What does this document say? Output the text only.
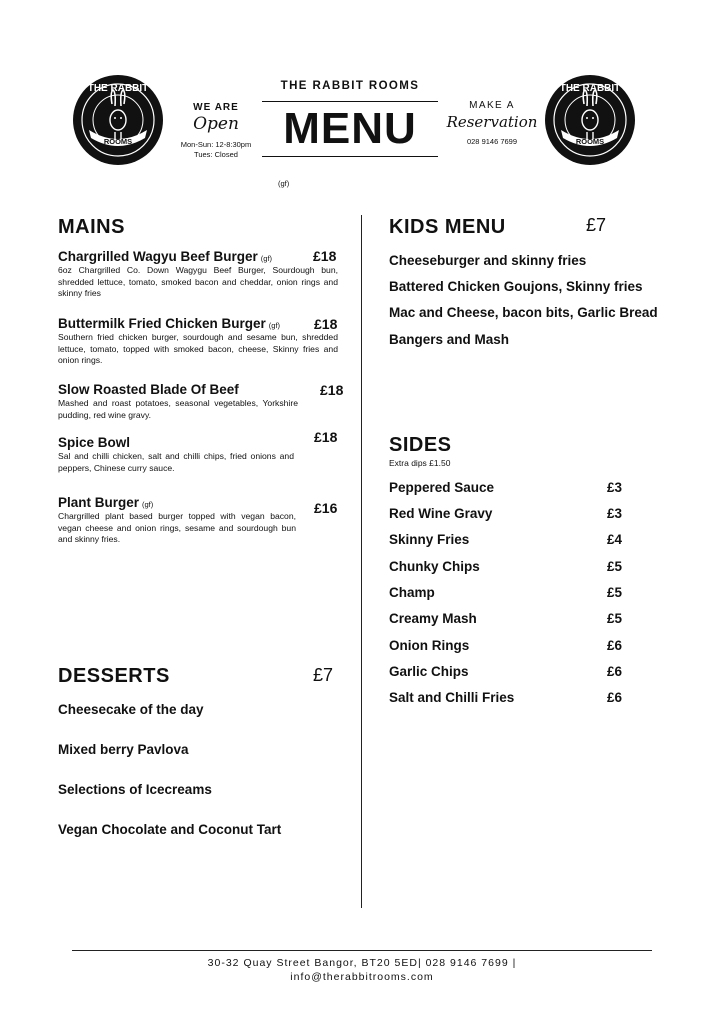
THE RABBIT
ROOMS
THE RABBIT
ROOMS
WE ARE
Open
Mon-Sun: 12-8:30pm
Tues: Closed
THE RABBIT ROOMS
MENU	MAKE A
Reservation
028 9146 7699
(gf)
MAINS
Chargrilled Wagyu Beef Burger (gf)
6oz Chargrilled Co. Down Wagygu Beef Burger, Sourdough bun, shredded lettuce, tomato, smoked bacon and cheddar, onion rings and skinny fries
£18
Buttermilk Fried Chicken Burger (gf)
Southern fried chicken burger, sourdough and sesame bun, shredded lettuce, tomato, topped with smoked bacon, cheese, Skinny fries and onion rings.
£18
Slow Roasted Blade Of Beef
Mashed and roast potatoes, seasonal vegetables, Yorkshire pudding, red wine gravy.
£18
Spice Bowl
Sal and chilli chicken, salt and chilli chips, fried onions and peppers, Chinese curry sauce.
£18
Plant Burger (gf)
Chargrilled plant based burger topped with vegan bacon, vegan cheese and onion rings, sesame and sourdough bun and skinny fries.
£16
DESSERTS	£7
Cheesecake of the day
Mixed berry Pavlova
Selections of Icecreams
Vegan Chocolate and Coconut Tart
KIDS MENU	£7
Cheeseburger and skinny fries
Battered Chicken Goujons, Skinny fries
Mac and Cheese, bacon bits, Garlic Bread
Bangers and Mash
SIDES
Extra dips £1.50
Peppered Sauce	£3
Red Wine Gravy	£3
Skinny Fries	£4
Chunky Chips	£5
Champ	£5
Creamy Mash	£5
Onion Rings	£6
Garlic Chips	£6
Salt and Chilli Fries	£6
30-32 Quay Street Bangor, BT20 5ED| 028 9146 7699 |
info@therabbitrooms.com
